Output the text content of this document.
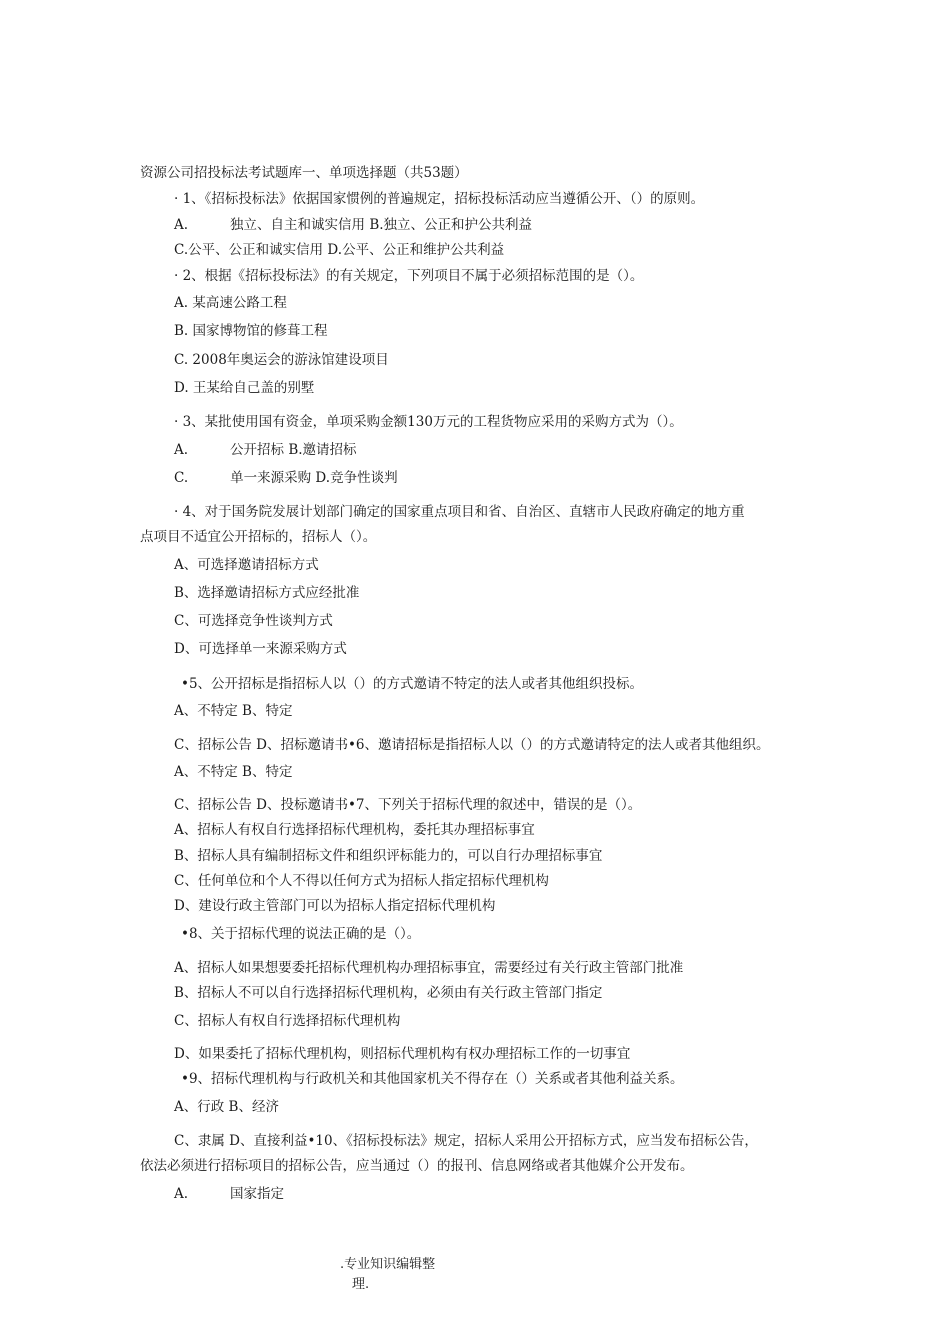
资源公司招投标法考试题库一、单项选择题（共53题）
· 1、《招标投标法》依据国家惯例的普遍规定，招标投标活动应当遵循公开、（）的原则。
A.	独立、自主和诚实信用 B.独立、公正和护公共利益
C.公平、公正和诚实信用 D.公平、公正和维护公共利益
· 2、根据《招标投标法》的有关规定，下列项目不属于必须招标范围的是（）。
A. 某高速公路工程
B. 国家博物馆的修葺工程
C. 2008年奥运会的游泳馆建设项目
D. 王某给自己盖的别墅
· 3、某批使用国有资金，单项采购金额130万元的工程货物应采用的采购方式为（）。
A.	公开招标 B.邀请招标
C.	单一来源采购 D.竞争性谈判
· 4、对于国务院发展计划部门确定的国家重点项目和省、自治区、直辖市人民政府确定的地方重
点项目不适宜公开招标的，招标人（）。
A、可选择邀请招标方式
B、选择邀请招标方式应经批准
C、可选择竞争性谈判方式
D、可选择单一来源采购方式
•5、公开招标是指招标人以（）的方式邀请不特定的法人或者其他组织投标。
A、不特定 B、特定
C、招标公告 D、招标邀请书•6、邀请招标是指招标人以（）的方式邀请特定的法人或者其他组织。
A、不特定 B、特定
C、招标公告 D、投标邀请书•7、下列关于招标代理的叙述中，错误的是（）。
A、招标人有权自行选择招标代理机构，委托其办理招标事宜
B、招标人具有编制招标文件和组织评标能力的，可以自行办理招标事宜
C、任何单位和个人不得以任何方式为招标人指定招标代理机构
D、建设行政主管部门可以为招标人指定招标代理机构
•8、关于招标代理的说法正确的是（）。
A、招标人如果想要委托招标代理机构办理招标事宜，需要经过有关行政主管部门批准
B、招标人不可以自行选择招标代理机构，必须由有关行政主管部门指定
C、招标人有权自行选择招标代理机构
D、如果委托了招标代理机构，则招标代理机构有权办理招标工作的一切事宜
•9、招标代理机构与行政机关和其他国家机关不得存在（）关系或者其他利益关系。
A、行政 B、经济
C、隶属 D、直接利益•10、《招标投标法》规定，招标人采用公开招标方式，应当发布招标公告，
依法必须进行招标项目的招标公告，应当通过（）的报刊、信息网络或者其他媒介公开发布。
A.	国家指定
.专业知识编辑整
理.
